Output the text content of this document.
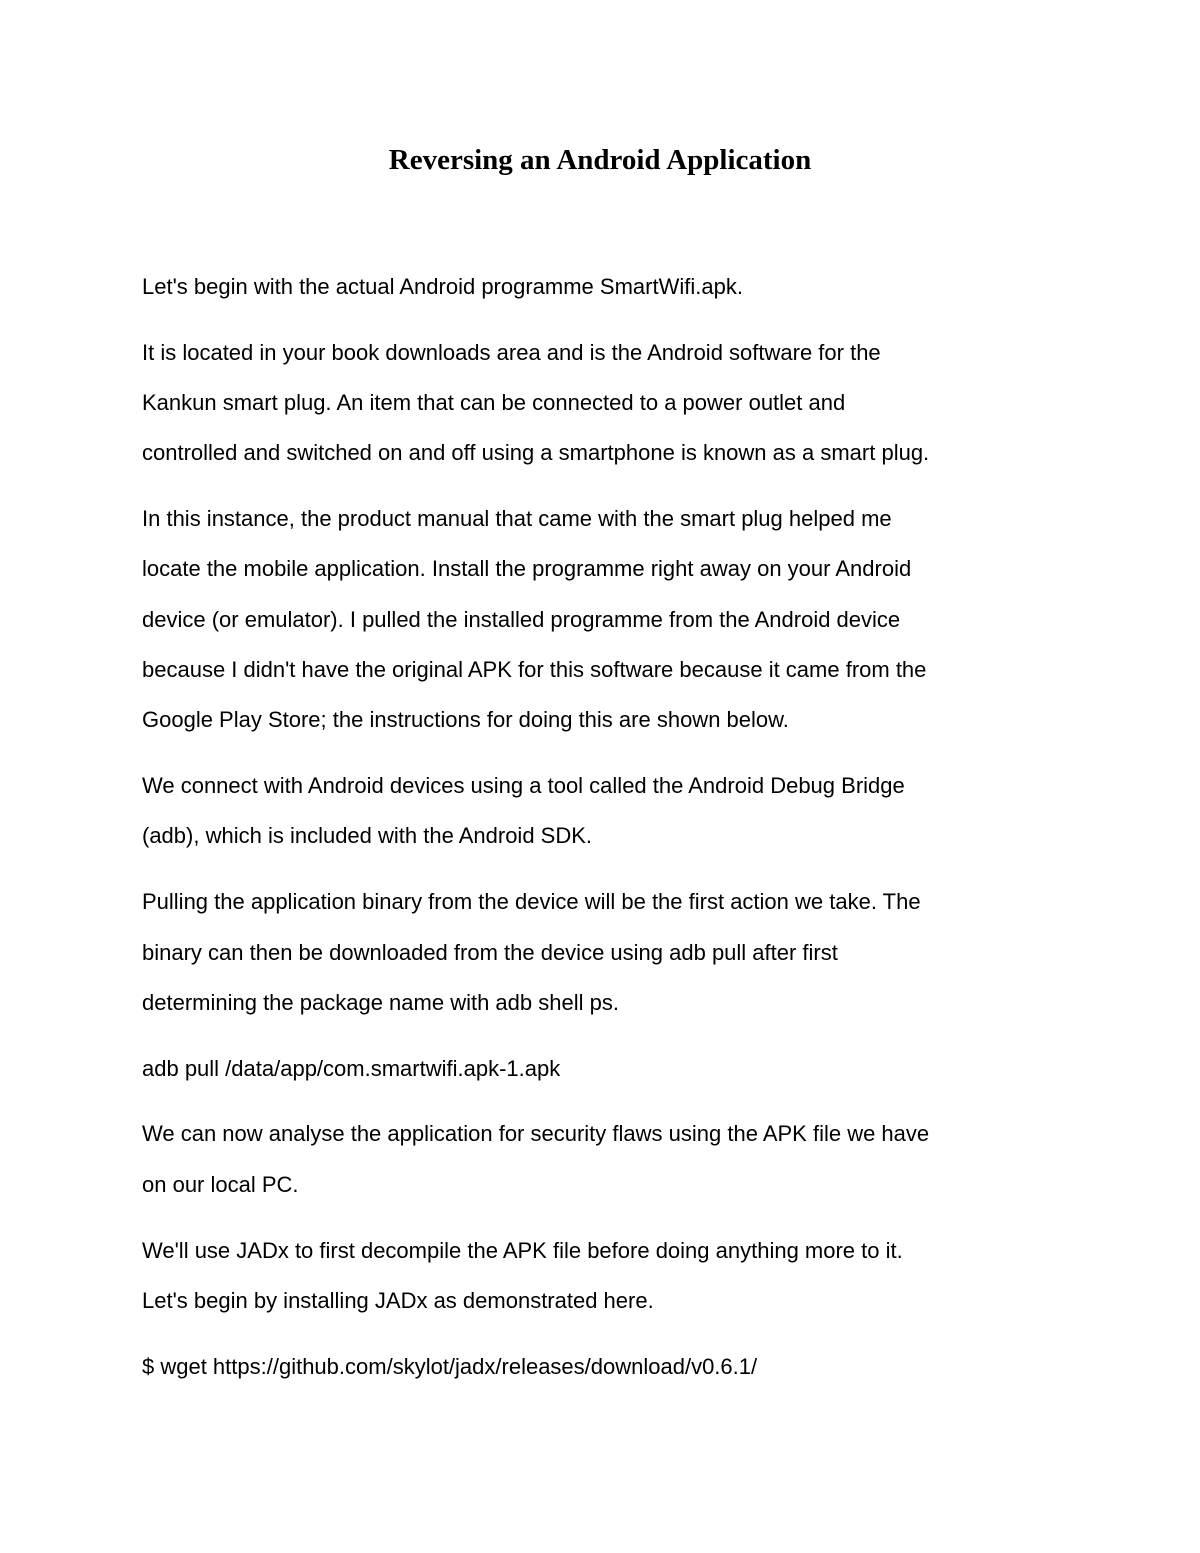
Reversing an Android Application

Let's begin with the actual Android programme SmartWifi.apk.

It is located in your book downloads area and is the Android software for the
Kankun smart plug. An item that can be connected to a power outlet and
controlled and switched on and off using a smartphone is known as a smart plug.

In this instance, the product manual that came with the smart plug helped me
locate the mobile application. Install the programme right away on your Android
device (or emulator). I pulled the installed programme from the Android device
because I didn't have the original APK for this software because it came from the
Google Play Store; the instructions for doing this are shown below.

We connect with Android devices using a tool called the Android Debug Bridge
(adb), which is included with the Android SDK.

Pulling the application binary from the device will be the first action we take. The
binary can then be downloaded from the device using adb pull after first
determining the package name with adb shell ps.

adb pull /data/app/com.smartwifi.apk-1.apk

We can now analyse the application for security flaws using the APK file we have
on our local PC.

We'll use JADx to first decompile the APK file before doing anything more to it.
Let's begin by installing JADx as demonstrated here.

$ wget https://github.com/skylot/jadx/releases/download/v0.6.1/
